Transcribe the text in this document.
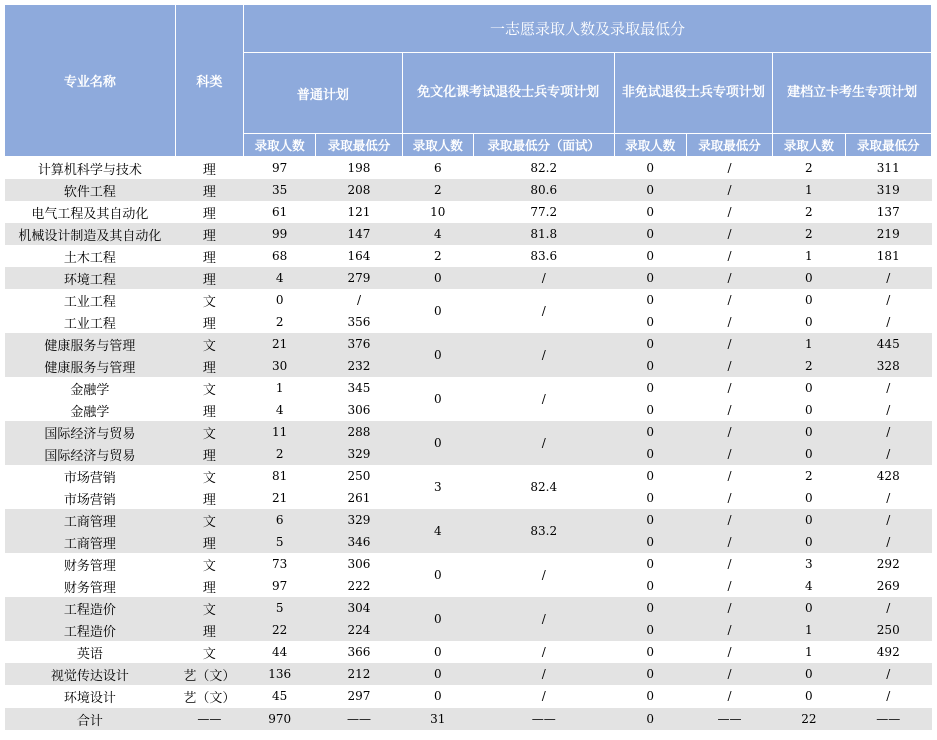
专业名称	科类	一志愿录取人数及录取最低分							
		普通计划		免文化课考试退役士兵专项计划		非免试退役士兵专项计划		建档立卡考生专项计划	
		录取人数	录取最低分	录取人数	录取最低分（面试）	录取人数	录取最低分	录取人数	录取最低分
计算机科学与技术	理	97	198	6	82.2	0	/	2	311
软件工程	理	35	208	2	80.6	0	/	1	319
电气工程及其自动化	理	61	121	10	77.2	0	/	2	137
机械设计制造及其自动化	理	99	147	4	81.8	0	/	2	219
土木工程	理	68	164	2	83.6	0	/	1	181
环境工程	理	4	279	0	/	0	/	0	/
工业工程	文	0	/	0	/	0	/	0	/
工业工程	理	2	356			0	/	0	/
健康服务与管理	文	21	376	0	/	0	/	1	445
健康服务与管理	理	30	232			0	/	2	328
金融学	文	1	345	0	/	0	/	0	/
金融学	理	4	306			0	/	0	/
国际经济与贸易	文	11	288	0	/	0	/	0	/
国际经济与贸易	理	2	329			0	/	0	/
市场营销	文	81	250	3	82.4	0	/	2	428
市场营销	理	21	261			0	/	0	/
工商管理	文	6	329	4	83.2	0	/	0	/
工商管理	理	5	346			0	/	0	/
财务管理	文	73	306	0	/	0	/	3	292
财务管理	理	97	222			0	/	4	269
工程造价	文	5	304	0	/	0	/	0	/
工程造价	理	22	224			0	/	1	250
英语	文	44	366	0	/	0	/	1	492
视觉传达设计	艺（文）	136	212	0	/	0	/	0	/
环境设计	艺（文）	45	297	0	/	0	/	0	/
合计	——	970	——	31	——	0	——	22	——
